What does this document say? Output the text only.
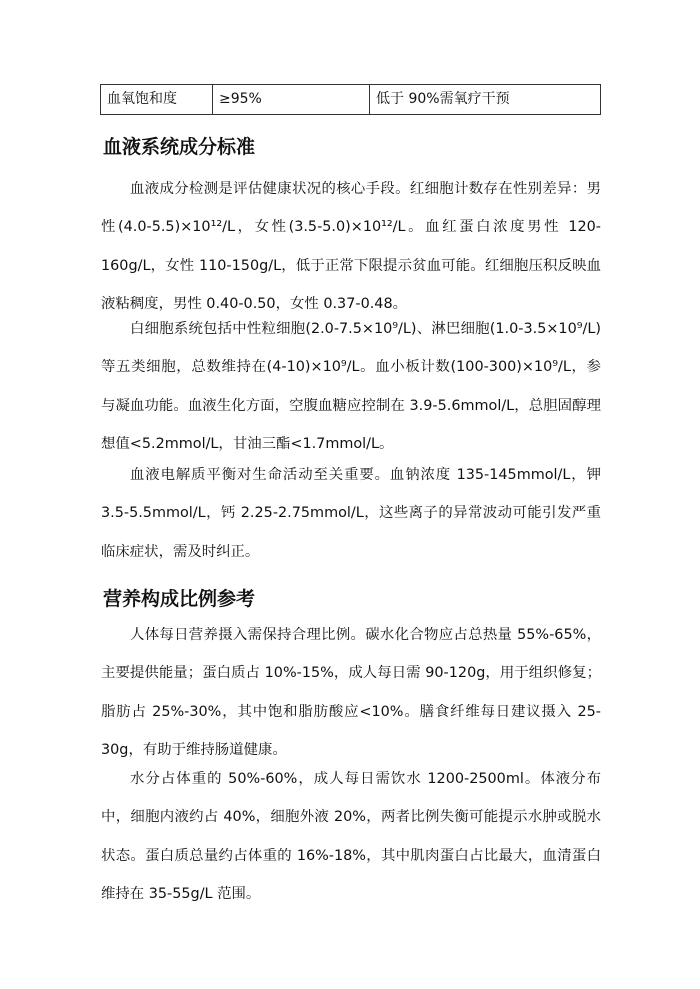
血氧饱和度	≥95%	低于 90%需氧疗干预
血液系统成分标准

血液成分检测是评估健康状况的核心手段。红细胞计数存在性别差异：男性(4.0-5.5)×10¹²/L，女性(3.5-5.0)×10¹²/L。血红蛋白浓度男性 120-160g/L，女性 110-150g/L，低于正常下限提示贫血可能。红细胞压积反映血液粘稠度，男性 0.40-0.50，女性 0.37-0.48。

白细胞系统包括中性粒细胞(2.0-7.5×10⁹/L)、淋巴细胞(1.0-3.5×10⁹/L)等五类细胞，总数维持在(4-10)×10⁹/L。血小板计数(100-300)×10⁹/L，参与凝血功能。血液生化方面，空腹血糖应控制在 3.9-5.6mmol/L，总胆固醇理想值<5.2mmol/L，甘油三酯<1.7mmol/L。

血液电解质平衡对生命活动至关重要。血钠浓度 135-145mmol/L，钾 3.5-5.5mmol/L，钙 2.25-2.75mmol/L，这些离子的异常波动可能引发严重临床症状，需及时纠正。

营养构成比例参考

人体每日营养摄入需保持合理比例。碳水化合物应占总热量 55%-65%，主要提供能量；蛋白质占 10%-15%，成人每日需 90-120g，用于组织修复；脂肪占 25%-30%，其中饱和脂肪酸应<10%。膳食纤维每日建议摄入 25-30g，有助于维持肠道健康。

水分占体重的 50%-60%，成人每日需饮水 1200-2500ml。体液分布中，细胞内液约占 40%，细胞外液 20%，两者比例失衡可能提示水肿或脱水状态。蛋白质总量约占体重的 16%-18%，其中肌肉蛋白占比最大，血清蛋白维持在 35-55g/L 范围。
